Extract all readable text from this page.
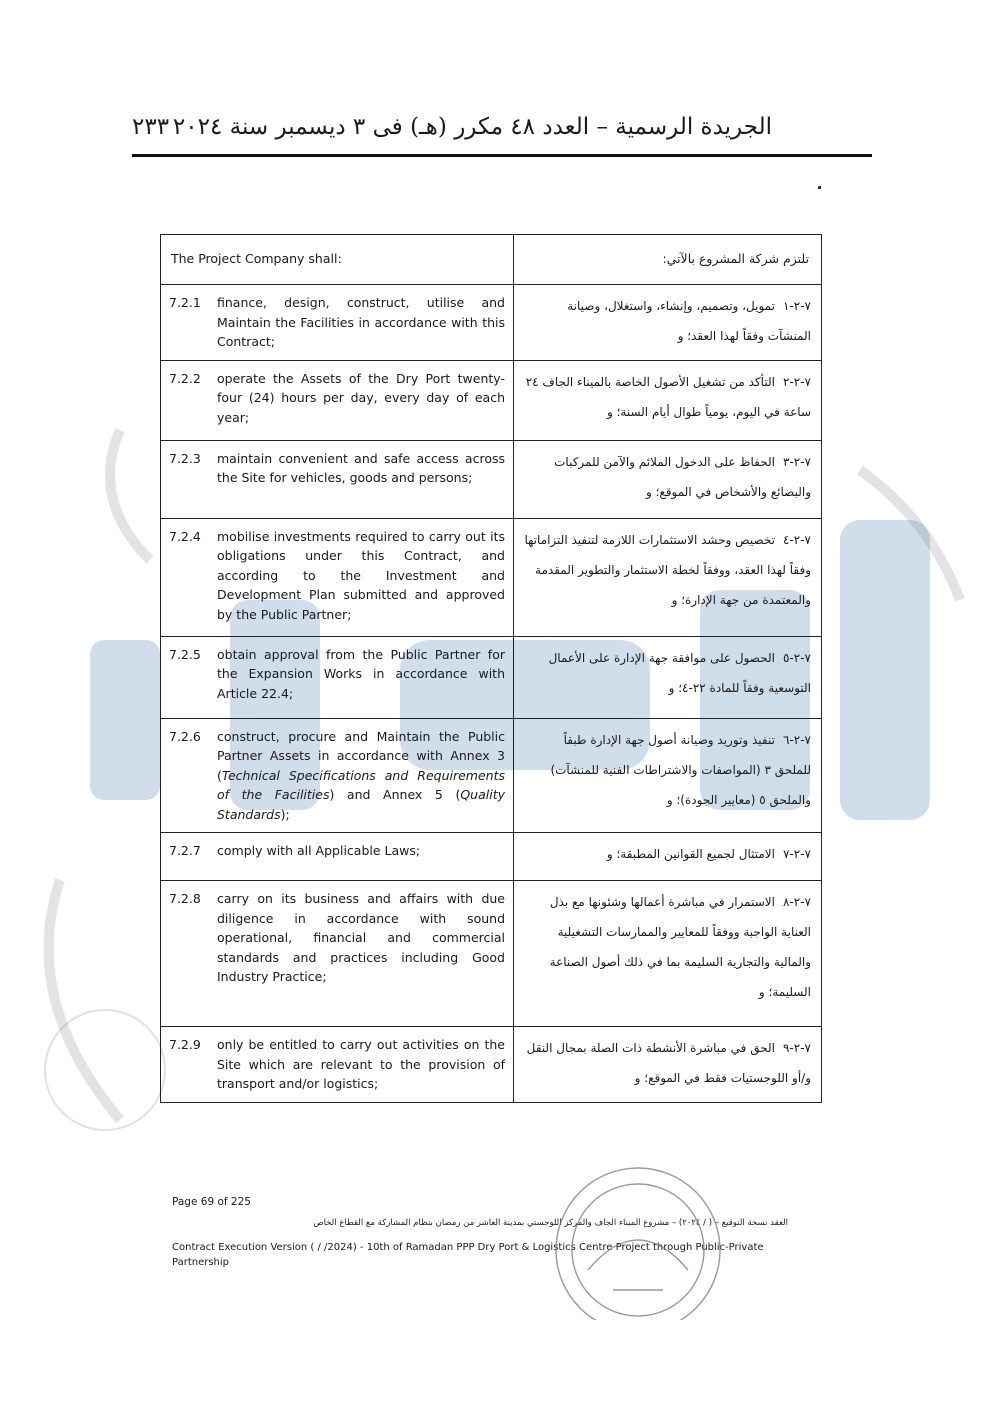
الجريدة الرسمية – العدد ٤٨ مكرر (هـ) فى ٣ ديسمبر سنة ٢٠٢٤
٢٣٣
The Project Company shall:	تلتزم شركة المشروع بالآتي:

7.2.1 finance, design, construct, utilise and Maintain the Facilities in accordance with this Contract;	٧-٢-١تمويل، وتصميم، وإنشاء، واستغلال، وصيانة المنشآت وفقاً لهذا العقد؛ و

7.2.2 operate the Assets of the Dry Port twenty-four (24) hours per day, every day of each year;	٧-٢-٢التأكد من تشغيل الأصول الخاصة بالميناء الجاف ٢٤ ساعة في اليوم، يومياً طوال أيام السنة؛ و

7.2.3 maintain convenient and safe access across the Site for vehicles, goods and persons;	٧-٢-٣الحفاظ على الدخول الملائم والآمن للمركبات والبضائع والأشخاص في الموقع؛ و

7.2.4 mobilise investments required to carry out its obligations under this Contract, and according to the Investment and Development Plan submitted and approved by the Public Partner;	٧-٢-٤تخصيص وحشد الاستثمارات اللازمة لتنفيذ التزاماتها وفقاً لهذا العقد، ووفقاً لخطة الاستثمار والتطوير المقدمة والمعتمدة من جهة الإدارة؛ و

7.2.5 obtain approval from the Public Partner for the Expansion Works in accordance with Article 22.4;	٧-٢-٥الحصول على موافقة جهة الإدارة على الأعمال التوسعية وفقاً للمادة ٢٢-٤؛ و

7.2.6 construct, procure and Maintain the Public Partner Assets in accordance with Annex 3 (Technical Specifications and Requirements of the Facilities) and Annex 5 (Quality Standards);	٧-٢-٦تنفيذ وتوريد وصيانة أصول جهة الإدارة طبقاً للملحق ٣ (المواصفات والاشتراطات الفنية للمنشآت) والملحق ٥ (معايير الجودة)؛ و

7.2.7 comply with all Applicable Laws;	٧-٢-٧الامتثال لجميع القوانين المطبقة؛ و

7.2.8 carry on its business and affairs with due diligence in accordance with sound operational, financial and commercial standards and practices including Good Industry Practice;	٧-٢-٨الاستمرار في مباشرة أعمالها وشئونها مع بذل العناية الواجبة ووفقاً للمعايير والممارسات التشغيلية والمالية والتجارية السليمة بما في ذلك أصول الصناعة السليمة؛ و

7.2.9 only be entitled to carry out activities on the Site which are relevant to the provision of transport and/or logistics;	٧-٢-٩الحق في مباشرة الأنشطة ذات الصلة بمجال النقل و/أو اللوجستيات فقط في الموقع؛ و
Page 69 of 225
العقد نسخة التوقيع – ( / ٢٠٢٤) – مشروع الميناء الجاف والمركز اللوجستي بمدينة العاشر من رمضان بنظام المشاركة مع القطاع الخاص
Contract Execution Version ( / /2024) - 10th of Ramadan PPP Dry Port & Logistics Centre Project through Public-Private Partnership
